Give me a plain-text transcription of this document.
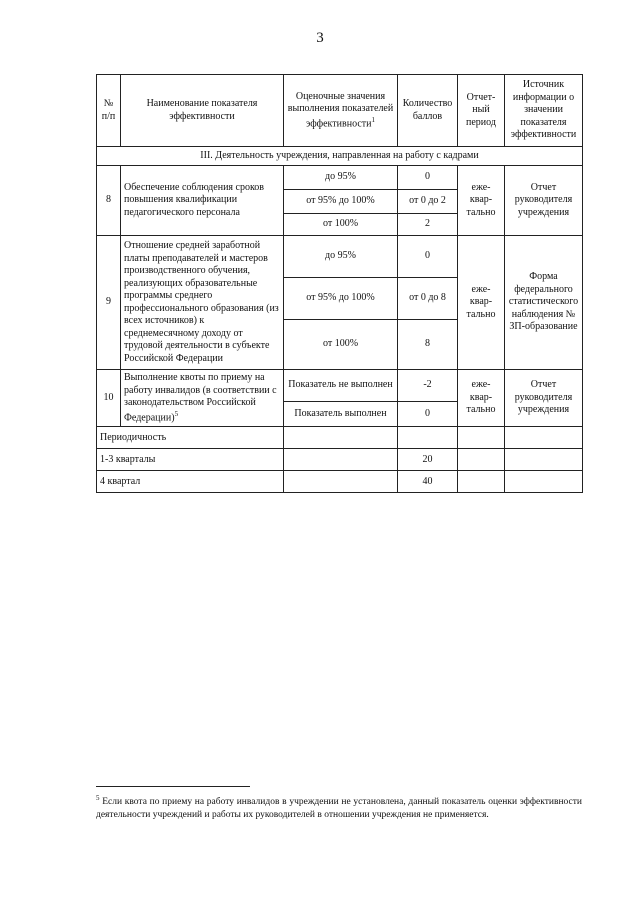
3
№ п/п	Наименование показателя эффективности	Оценочные значения выполнения показателей эффективности$^1$	Количество баллов	Отчет-ный период	Источник информации о значении показателя эффективности
III. Деятельность учреждения, направленная на работу с кадрами					
8	Обеспечение соблюдения сроков повышения квалификации педагогического персонала	до 95%	0	еже-квар-тально	Отчет руководителя учреждения
		от 95% до 100%	от 0 до 2		
		от 100%	2		
9	Отношение средней заработной платы преподавателей и мастеров производственного обучения, реализующих образовательные программы среднего профессионального образования (из всех источников) к среднемесячному доходу от трудовой деятельности в субъекте Российской Федерации	до 95%	0	еже-квар-тально	Форма федерального статистического наблюдения № ЗП-образование
		от 95% до 100%	от 0 до 8		
		от 100%	8		
10	Выполнение квоты по приему на работу инвалидов (в соответствии с законодательством Российской Федерации)$^5$	Показатель не выполнен	-2	еже-квар-тально	Отчет руководителя учреждения
		Показатель выполнен	0		
Периодичность					
1-3 кварталы			20		
4 квартал			40		
$^5$ Если квота по приему на работу инвалидов в учреждении не установлена, данный показатель оценки эффективности деятельности учреждений и работы их руководителей в отношении учреждения не применяется.
